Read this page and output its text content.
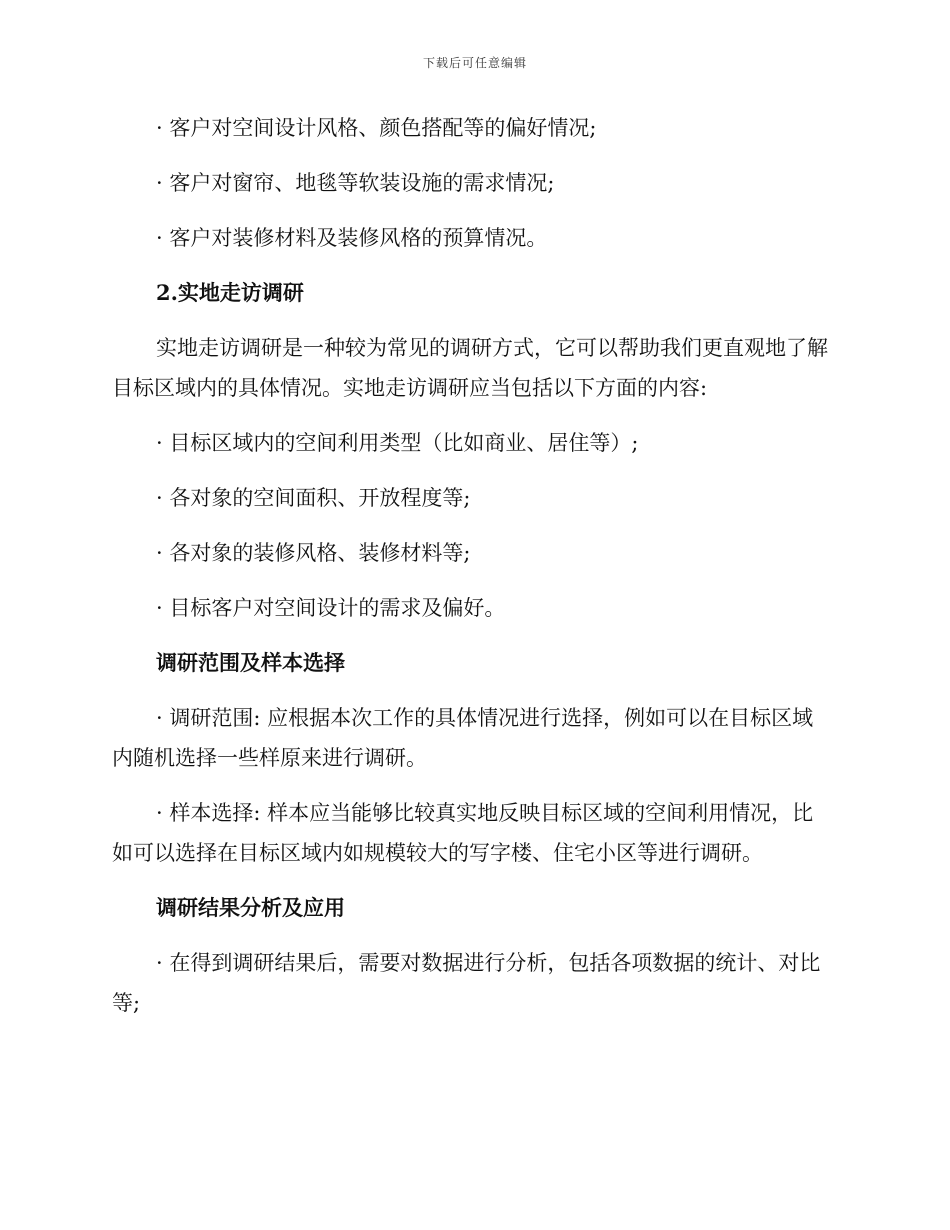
下载后可任意编辑

· 客户对空间设计风格、颜色搭配等的偏好情况;

· 客户对窗帘、地毯等软装设施的需求情况;

· 客户对装修材料及装修风格的预算情况。

2.实地走访调研

实地走访调研是一种较为常见的调研方式，它可以帮助我们更直观地了解目标区域内的具体情况。实地走访调研应当包括以下方面的内容:

· 目标区域内的空间利用类型（比如商业、居住等）;

· 各对象的空间面积、开放程度等;

· 各对象的装修风格、装修材料等;

· 目标客户对空间设计的需求及偏好。

调研范围及样本选择

· 调研范围: 应根据本次工作的具体情况进行选择，例如可以在目标区域内随机选择一些样原来进行调研。

· 样本选择: 样本应当能够比较真实地反映目标区域的空间利用情况，比如可以选择在目标区域内如规模较大的写字楼、住宅小区等进行调研。

调研结果分析及应用

· 在得到调研结果后，需要对数据进行分析，包括各项数据的统计、对比等;
